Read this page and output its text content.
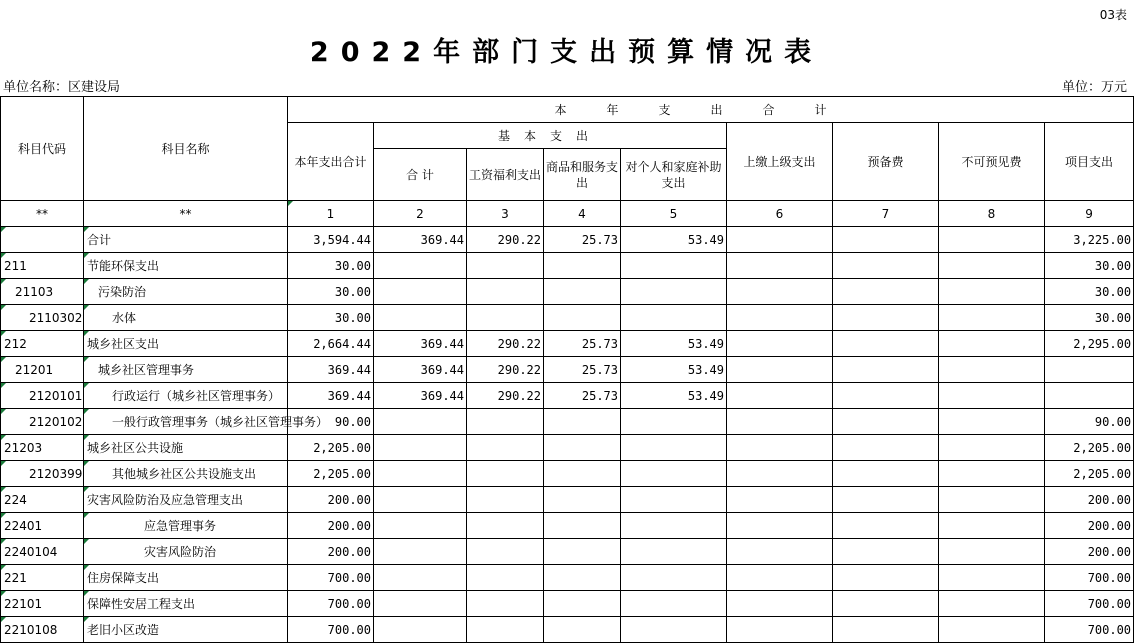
03表
2022年部门支出预算情况表
单位名称：区建设局	单位：万元
科目代码	科目名称	本年支出合计								
		本年支出合计	基本支出				上缴上级支出	预备费	不可预见费	项目支出
			合 计	工资福利支出	商品和服务支出	对个人和家庭补助支出				
**	**	1	2	3	4	5	6	7	8	9
	合计	3,594.44	369.44	290.22	25.73	53.49				3,225.00
211	节能环保支出	30.00								30.00
21103	污染防治	30.00								30.00
2110302	水体	30.00								30.00
212	城乡社区支出	2,664.44	369.44	290.22	25.73	53.49				2,295.00
21201	城乡社区管理事务	369.44	369.44	290.22	25.73	53.49				
2120101	行政运行（城乡社区管理事务）	369.44	369.44	290.22	25.73	53.49				
2120102	一般行政管理事务（城乡社区管理事务）	90.00								90.00
21203	城乡社区公共设施	2,205.00								2,205.00
2120399	其他城乡社区公共设施支出	2,205.00								2,205.00
224	灾害风险防治及应急管理支出	200.00								200.00
22401	应急管理事务	200.00								200.00
2240104	灾害风险防治	200.00								200.00
221	住房保障支出	700.00								700.00
22101	保障性安居工程支出	700.00								700.00
2210108	老旧小区改造	700.00								700.00
